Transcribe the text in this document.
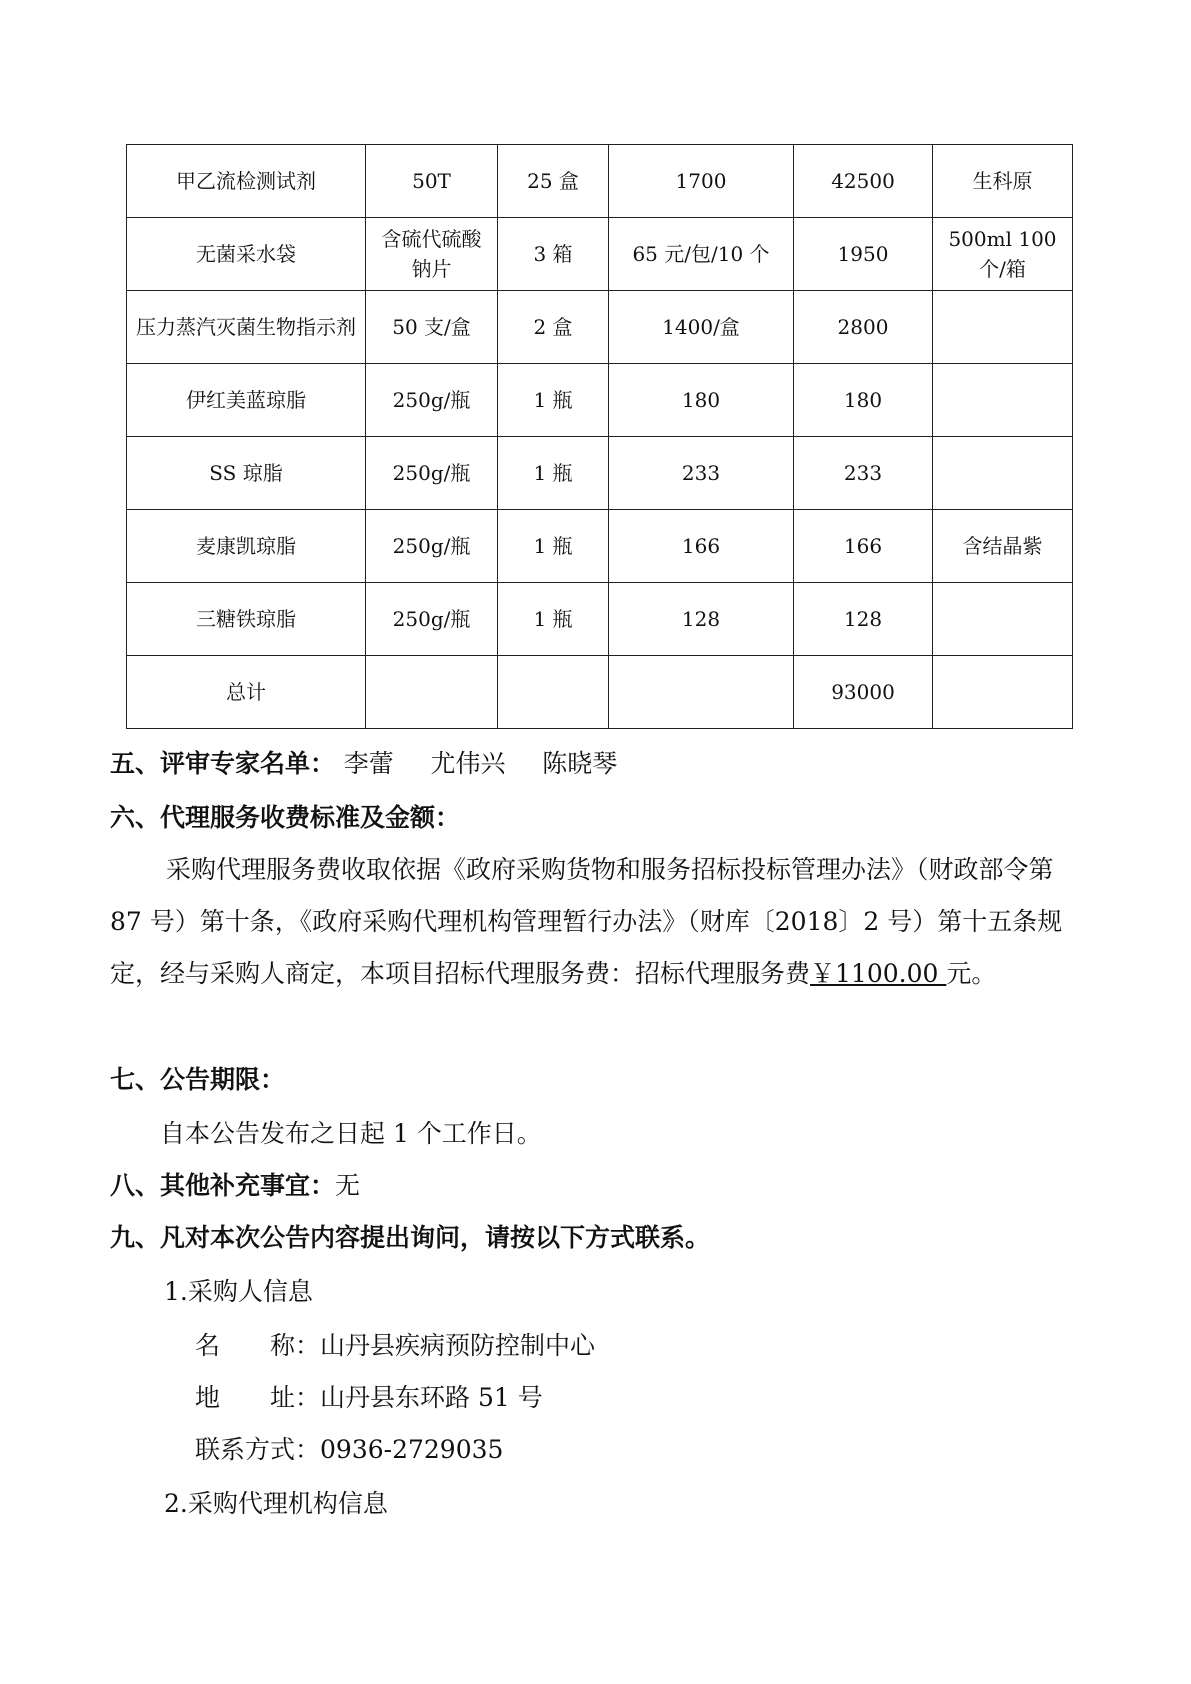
甲乙流检测试剂	50T	25 盒	1700	42500	生科原
无菌采水袋	含硫代硫酸钠片	3 箱	65 元/包/10 个	1950	500ml 100 个/箱
压力蒸汽灭菌生物指示剂	50 支/盒	2 盒	1400/盒	2800	
伊红美蓝琼脂	250g/瓶	1 瓶	180	180	
SS 琼脂	250g/瓶	1 瓶	233	233	
麦康凯琼脂	250g/瓶	1 瓶	166	166	含结晶紫
三糖铁琼脂	250g/瓶	1 瓶	128	128	
总计				93000	
五、评审专家名单： 李蕾 尤伟兴 陈晓琴
六、代理服务收费标准及金额：
采购代理服务费收取依据《政府采购货物和服务招标投标管理办法》（财政部令第 87 号）第十条，《政府采购代理机构管理暂行办法》（财库〔2018〕2 号）第十五条规定，经与采购人商定，本项目招标代理服务费：招标代理服务费￥1100.00 元。
七、公告期限：
自本公告发布之日起 1 个工作日。
八、其他补充事宜：无
九、凡对本次公告内容提出询问，请按以下方式联系。
1.采购人信息
名　　称：山丹县疾病预防控制中心
地　　址：山丹县东环路 51 号
联系方式：0936-2729035
2.采购代理机构信息
